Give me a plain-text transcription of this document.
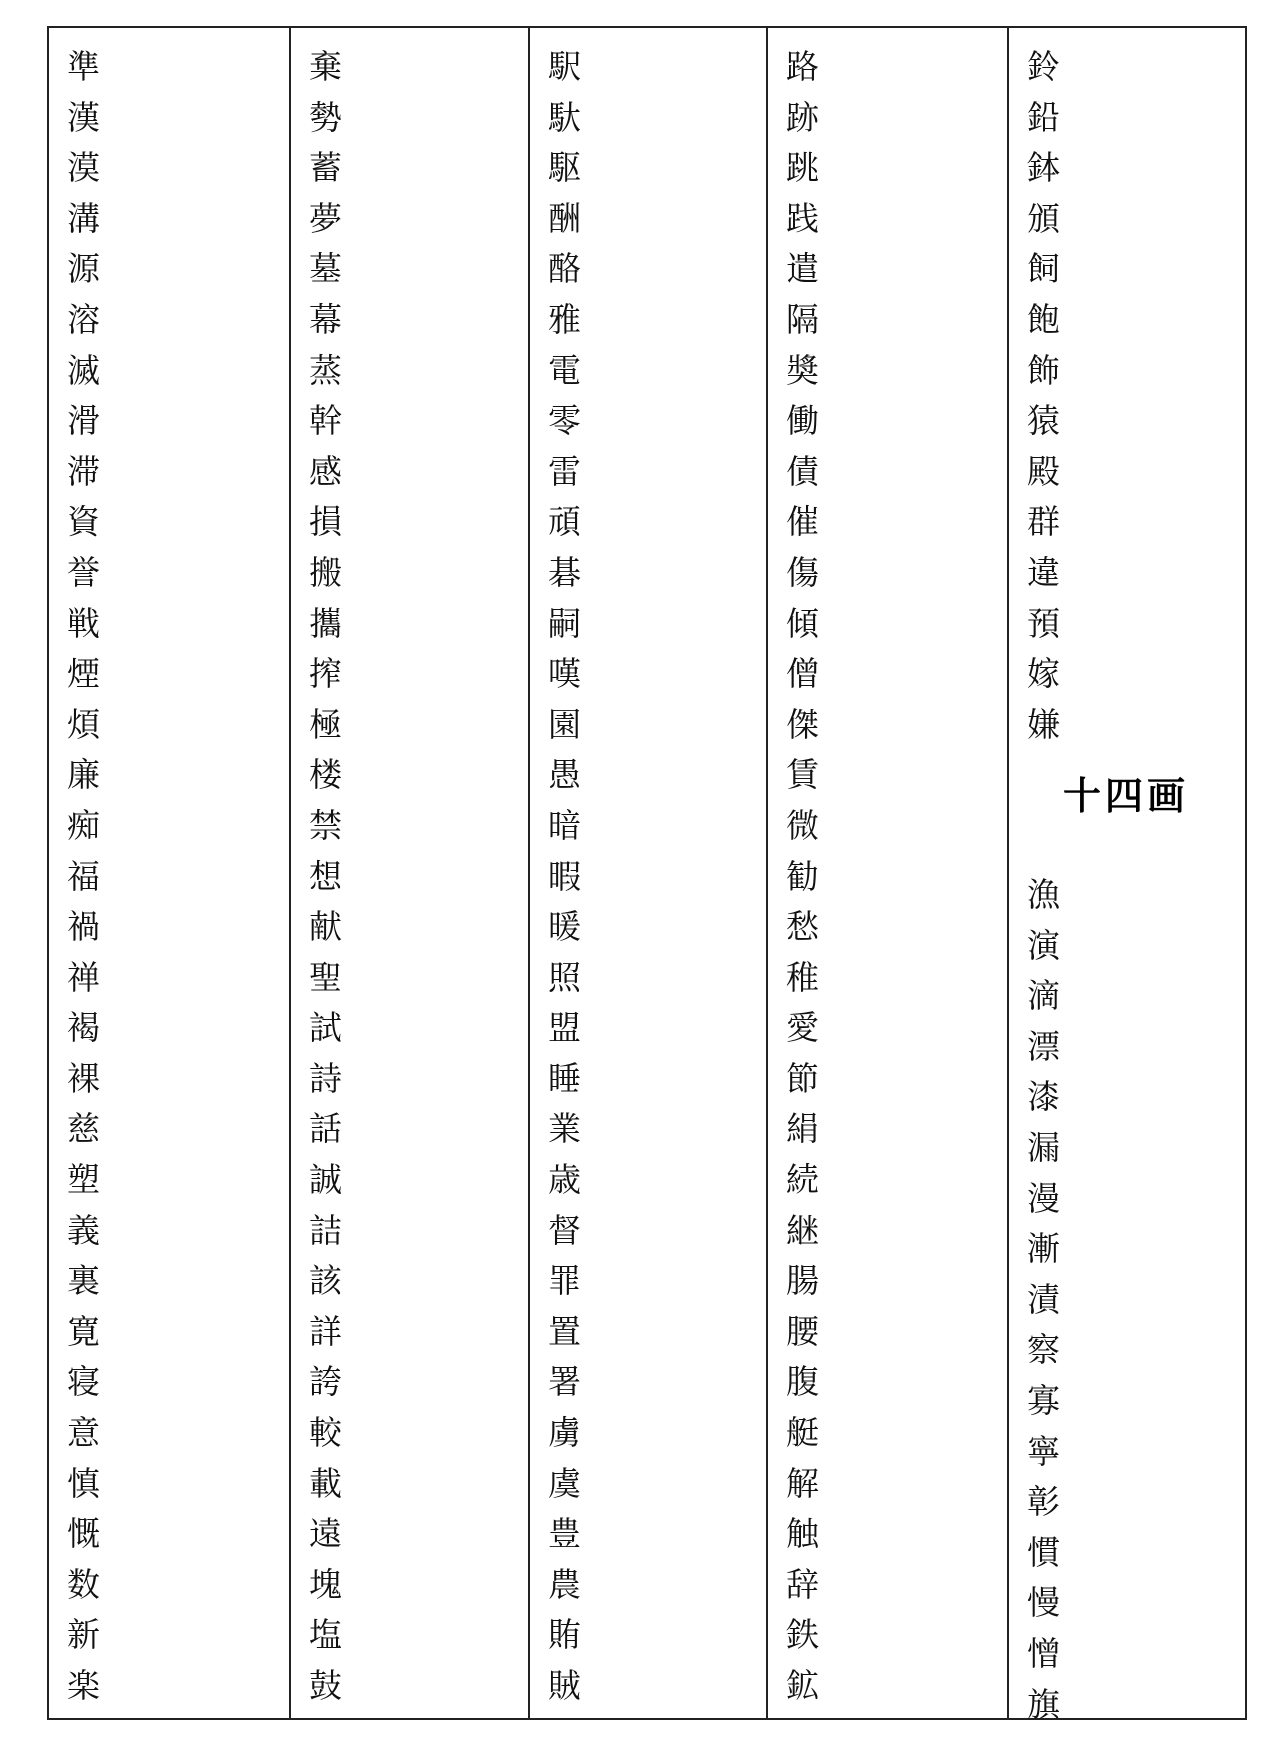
準
漢
漠
溝
源
溶
滅
滑
滞
資
誉
戦
煙
煩
廉
痴
福
禍
禅
褐
裸
慈
塑
義
裏
寛
寝
意
慎
慨
数
新
楽
棄
勢
蓄
夢
墓
幕
蒸
幹
感
損
搬
攜
搾
極
楼
禁
想
献
聖
試
詩
話
誠
詰
該
詳
誇
較
載
遠
塊
塩
鼓
駅
馱
駆
酬
酪
雅
電
零
雷
頑
碁
嗣
嘆
園
愚
暗
暇
暖
照
盟
睡
業
歳
督
罪
置
署
虜
虞
豊
農
賄
賊
路
跡
跳
践
遣
隔
奬
働
債
催
傷
傾
僧
傑
賃
微
勧
愁
稚
愛
節
絹
続
継
腸
腰
腹
艇
解
触
辞
鉄
鉱
鈴
鉛
鉢
頒
飼
飽
飾
猿
殿
群
違
預
嫁
嫌
十四画
漁
演
滴
漂
漆
漏
漫
漸
漬
察
寡
寧
彰
慣
慢
憎
旗
